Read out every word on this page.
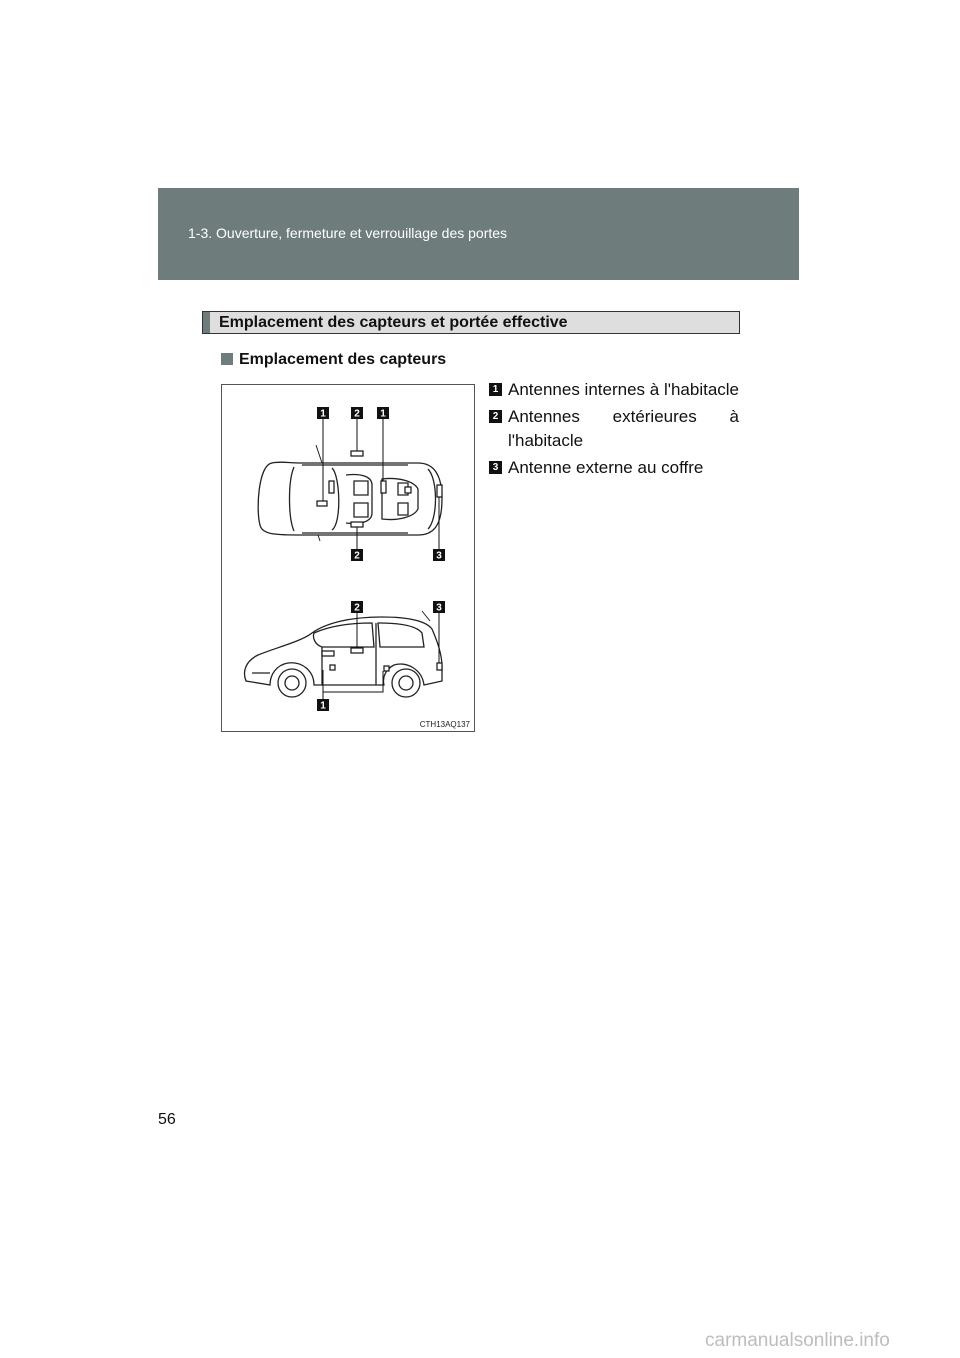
1-3. Ouverture, fermeture et verrouillage des portes
Emplacement des capteurs et portée effective
Emplacement des capteurs
1	2 1
2	3
2	3
1
CTH13AQ137
1 Antennes internes à l'habitacle
2 Antennes extérieures à
l'habitacle
3 Antenne externe au coffre
56
carmanualsonline.info
